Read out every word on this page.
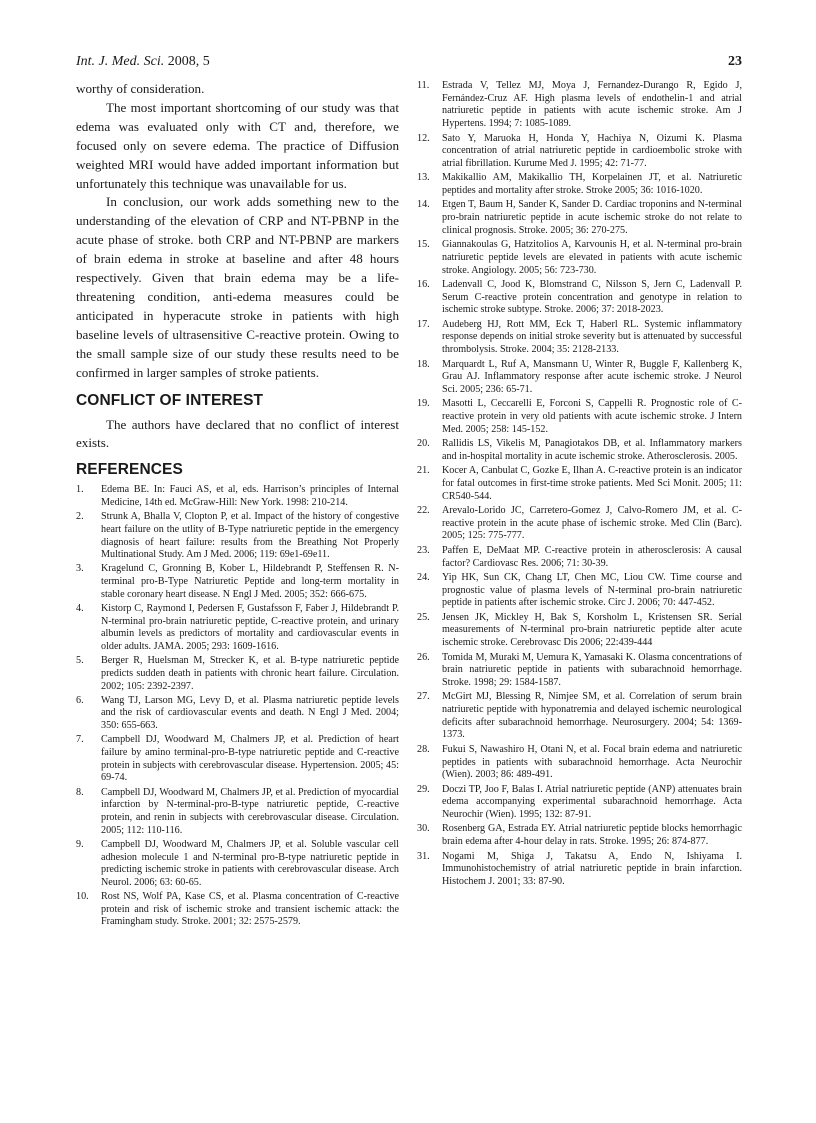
Int. J. Med. Sci. 2008, 5	23

worthy of consideration.

The most important shortcoming of our study was that edema was evaluated only with CT and, therefore, we focused only on severe edema. The practice of Diffusion weighted MRI would have added important information but unfortunately this technique was unavailable for us.

In conclusion, our work adds something new to the understanding of the elevation of CRP and NT-PBNP in the acute phase of stroke. both CRP and NT-PBNP are markers of brain edema in stroke at baseline and after 48 hours respectively. Given that brain edema may be a life-threatening condition, anti-edema measures could be anticipated in hyperacute stroke in patients with high baseline levels of ultrasensitive C-reactive protein. Owing to the small sample size of our study these results need to be confirmed in larger samples of stroke patients.

CONFLICT OF INTEREST

The authors have declared that no conflict of interest exists.

REFERENCES
1.	Edema BE. In: Fauci AS, et al, eds. Harrison’s principles of Internal Medicine, 14th ed. McGraw-Hill: New York. 1998: 210-214.
2.	Strunk A, Bhalla V, Clopton P, et al. Impact of the history of congestive heart failure on the utlity of B-Type natriuretic peptide in the emergency diagnosis of heart failure: results from the Breathing Not Properly Multinational Study. Am J Med. 2006; 119: 69e1-69e11.
3.	Kragelund C, Gronning B, Kober L, Hildebrandt P, Steffensen R. N-terminal pro-B-Type Natriuretic Peptide and long-term mortality in stable coronary heart disease. N Engl J Med. 2005; 352: 666-675.
4.	Kistorp C, Raymond I, Pedersen F, Gustafsson F, Faber J, Hildebrandt P. N-terminal pro-brain natriuretic peptide, C-reactive protein, and urinary albumin levels as predictors of mortality and cardiovascular events in older adults. JAMA. 2005; 293: 1609-1616.
5.	Berger R, Huelsman M, Strecker K, et al. B-type natriuretic peptide predicts sudden death in patients with chronic heart failure. Circulation. 2002; 105: 2392-2397.
6.	Wang TJ, Larson MG, Levy D, et al. Plasma natriuretic peptide levels and the risk of cardiovascular events and death. N Engl J Med. 2004; 350: 655-663.
7.	Campbell DJ, Woodward M, Chalmers JP, et al. Prediction of heart failure by amino terminal-pro-B-type natriuretic peptide and C-reactive protein in subjects with cerebrovascular disease. Hypertension. 2005; 45: 69-74.
8.	Campbell DJ, Woodward M, Chalmers JP, et al. Prediction of myocardial infarction by N-terminal-pro-B-type natriuretic peptide, C-reactive protein, and renin in subjects with cerebrovascular disease. Circulation. 2005; 112: 110-116.
9.	Campbell DJ, Woodward M, Chalmers JP, et al. Soluble vascular cell adhesion molecule 1 and N-terminal pro-B-type natriuretic peptide in predicting ischemic stroke in patients with cerebrovascular disease. Arch Neurol. 2006; 63: 60-65.
10.	Rost NS, Wolf PA, Kase CS, et al. Plasma concentration of C-reactive protein and risk of ischemic stroke and transient ischemic attack: the Framingham study. Stroke. 2001; 32: 2575-2579.
11.	Estrada V, Tellez MJ, Moya J, Fernandez-Durango R, Egido J, Fernández-Cruz AF. High plasma levels of endothelin-1 and atrial natriuretic peptide in patients with acute ischemic stroke. Am J Hypertens. 1994; 7: 1085-1089.
12.	Sato Y, Maruoka H, Honda Y, Hachiya N, Oizumi K. Plasma concentration of atrial natriuretic peptide in cardioembolic stroke with atrial fibrillation. Kurume Med J. 1995; 42: 71-77.
13.	Makikallio AM, Makikallio TH, Korpelainen JT, et al. Natriuretic peptides and mortality after stroke. Stroke 2005; 36: 1016-1020.
14.	Etgen T, Baum H, Sander K, Sander D. Cardiac troponins and N-terminal pro-brain natriuretic peptide in acute ischemic stroke do not relate to clinical prognosis. Stroke. 2005; 36: 270-275.
15.	Giannakoulas G, Hatzitolios A, Karvounis H, et al. N-terminal pro-brain natriuretic peptide levels are elevated in patients with acute ischemic stroke. Angiology. 2005; 56: 723-730.
16.	Ladenvall C, Jood K, Blomstrand C, Nilsson S, Jern C, Ladenvall P. Serum C-reactive protein concentration and genotype in relation to ischemic stroke subtype. Stroke. 2006; 37: 2018-2023.
17.	Audeberg HJ, Rott MM, Eck T, Haberl RL. Systemic inflammatory response depends on initial stroke severity but is attenuated by successful thrombolysis. Stroke. 2004; 35: 2128-2133.
18.	Marquardt L, Ruf A, Mansmann U, Winter R, Buggle F, Kallenberg K, Grau AJ. Inflammatory response after acute ischemic stroke. J Neurol Sci. 2005; 236: 65-71.
19.	Masotti L, Ceccarelli E, Forconi S, Cappelli R. Prognostic role of C-reactive protein in very old patients with acute ischemic stroke. J Intern Med. 2005; 258: 145-152.
20.	Rallidis LS, Vikelis M, Panagiotakos DB, et al. Inflammatory markers and in-hospital mortality in acute ischemic stroke. Atherosclerosis. 2005.
21.	Kocer A, Canbulat C, Gozke E, Ilhan A. C-reactive protein is an indicator for fatal outcomes in first-time stroke patients. Med Sci Monit. 2005; 11: CR540-544.
22.	Arevalo-Lorido JC, Carretero-Gomez J, Calvo-Romero JM, et al. C-reactive protein in the acute phase of ischemic stroke. Med Clin (Barc). 2005; 125: 775-777.
23.	Paffen E, DeMaat MP. C-reactive protein in atherosclerosis: A causal factor? Cardiovasc Res. 2006; 71: 30-39.
24.	Yip HK, Sun CK, Chang LT, Chen MC, Liou CW. Time course and prognostic value of plasma levels of N-terminal pro-brain natriuretic peptide in patients after ischemic stroke. Circ J. 2006; 70: 447-452.
25.	Jensen JK, Mickley H, Bak S, Korsholm L, Kristensen SR. Serial measurements of N-terminal pro-brain natriuretic peptide alter acute ischemic stroke. Cerebrovasc Dis 2006; 22:439-444
26.	Tomida M, Muraki M, Uemura K, Yamasaki K. Olasma concentrations of brain natriuretic peptide in patients with subarachnoid hemorrhage. Stroke. 1998; 29: 1584-1587.
27.	McGirt MJ, Blessing R, Nimjee SM, et al. Correlation of serum brain natriuretic peptide with hyponatremia and delayed ischemic neurological deficits after subarachnoid hemorrhage. Neurosurgery. 2004; 54: 1369-1373.
28.	Fukui S, Nawashiro H, Otani N, et al. Focal brain edema and natriuretic peptides in patients with subarachnoid hemorrhage. Acta Neurochir (Wien). 2003; 86: 489-491.
29.	Doczi TP, Joo F, Balas I. Atrial natriuretic peptide (ANP) attenuates brain edema accompanying experimental subarachnoid hemorrhage. Acta Neurochir (Wien). 1995; 132: 87-91.
30.	Rosenberg GA, Estrada EY. Atrial natriuretic peptide blocks hemorrhagic brain edema after 4-hour delay in rats. Stroke. 1995; 26: 874-877.
31.	Nogami M, Shiga J, Takatsu A, Endo N, Ishiyama I. Immunohistochemistry of atrial natriuretic peptide in brain infarction. Histochem J. 2001; 33: 87-90.
